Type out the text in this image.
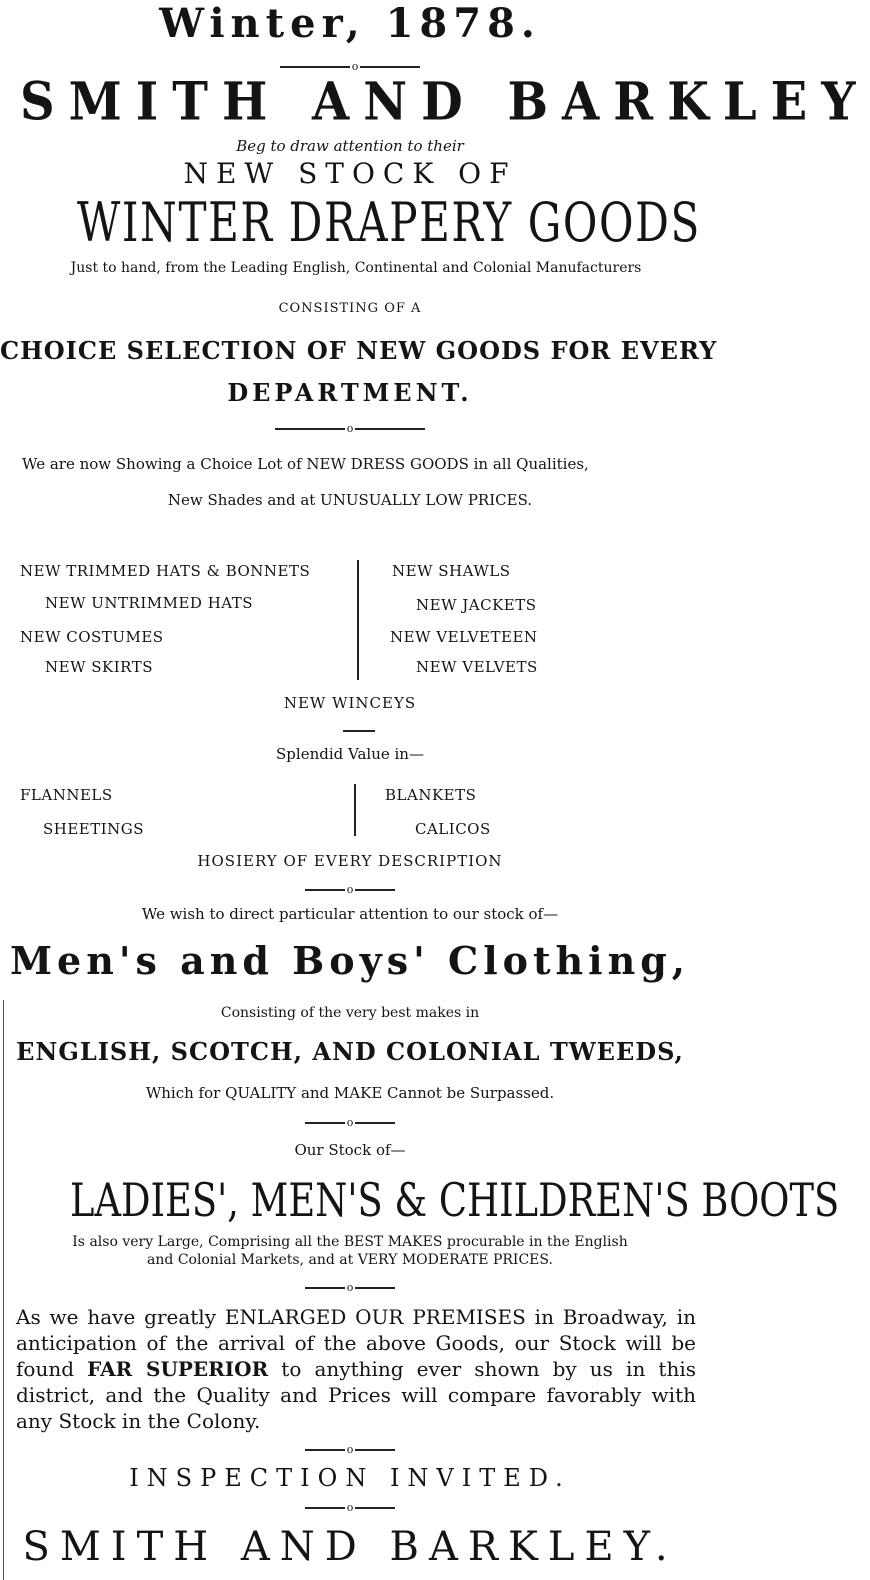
Winter, 1878.
o
SMITH AND BARKLEY
Beg to draw attention to their
NEW STOCK OF
WINTER DRAPERY GOODS
Just to hand, from the Leading English, Continental and Colonial Manufacturers
CONSISTING OF A
CHOICE SELECTION OF NEW GOODS FOR EVERY
DEPARTMENT.
o
We are now Showing a Choice Lot of NEW DRESS GOODS in all Qualities,
New Shades and at UNUSUALLY LOW PRICES.
NEW TRIMMED HATS & BONNETS
NEW UNTRIMMED HATS
NEW COSTUMES
NEW SKIRTS
NEW SHAWLS
NEW JACKETS
NEW VELVETEEN
NEW VELVETS
NEW WINCEYS
Splendid Value in—
FLANNELS
SHEETINGS
BLANKETS
CALICOS
HOSIERY OF EVERY DESCRIPTION
o
We wish to direct particular attention to our stock of—
Men's and Boys' Clothing,
Consisting of the very best makes in
ENGLISH, SCOTCH, AND COLONIAL TWEEDS,
Which for QUALITY and MAKE Cannot be Surpassed.
o
Our Stock of—
LADIES', MEN'S & CHILDREN'S BOOTS
Is also very Large, Comprising all the BEST MAKES procurable in the English
and Colonial Markets, and at VERY MODERATE PRICES.
o
As we have greatly ENLARGED OUR PREMISES in Broadway, in anticipation of the arrival of the above Goods, our Stock will be found FAR SUPERIOR to anything ever shown by us in this district, and the Quality and Prices will compare favorably with any Stock in the Colony.
o
INSPECTION INVITED.
o
SMITH AND BARKLEY.
